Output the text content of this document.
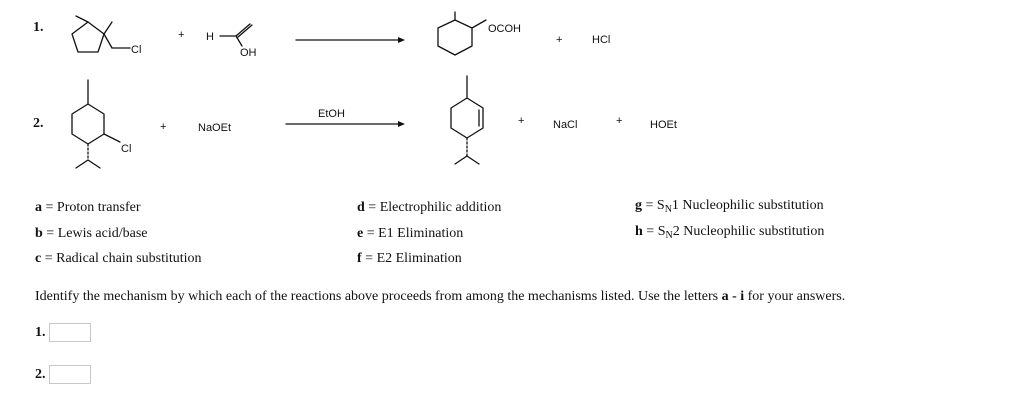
1.
Cl
+ H
OH
OCOH
+	HCl
2.
Cl
+	NaOEt
EtOH
+	NaCl	+	HOEt
a = Proton transfer
b = Lewis acid/base
c = Radical chain substitution
d = Electrophilic addition
e = E1 Elimination
f = E2 Elimination
$g = S_N1$ Nucleophilic substitution
$h = S_N2$ Nucleophilic substitution
Identify the mechanism by which each of the reactions above proceeds from among the mechanisms listed. Use the letters a - i for your answers.
1.
2.
